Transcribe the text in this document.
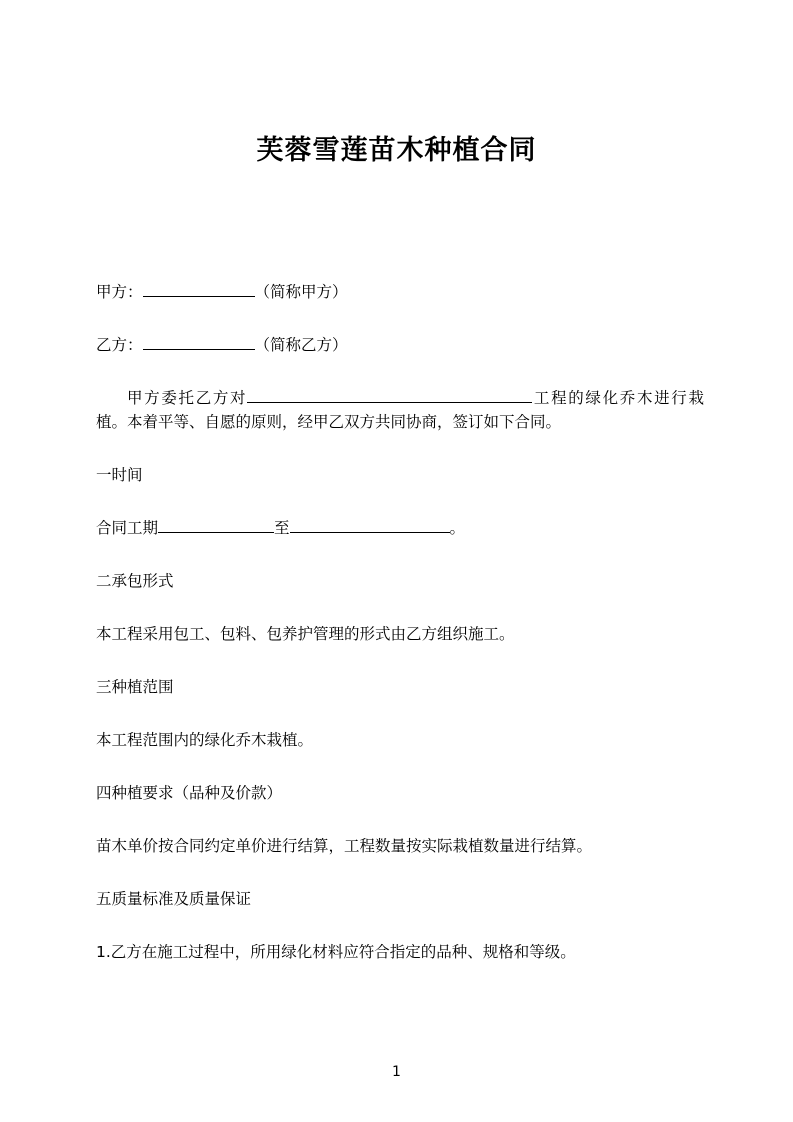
芙蓉雪莲苗木种植合同

甲方：	（简称甲方）

乙方：	（简称乙方）

甲方委托乙方对	工程的绿化乔木进行栽植。本着平等、自愿的原则，经甲乙双方共同协商，签订如下合同。

一时间

合同工期	至	。

二承包形式

本工程采用包工、包料、包养护管理的形式由乙方组织施工。

三种植范围

本工程范围内的绿化乔木栽植。

四种植要求（品种及价款）

苗木单价按合同约定单价进行结算，工程数量按实际栽植数量进行结算。

五质量标准及质量保证

1.乙方在施工过程中，所用绿化材料应符合指定的品种、规格和等级。

1
